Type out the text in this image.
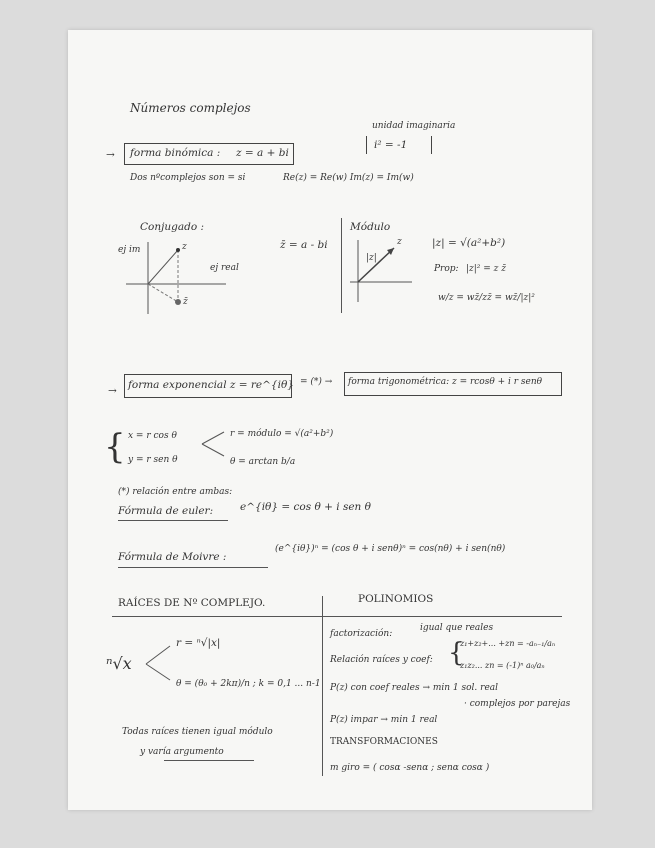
Números complejos
→ forma binómica : z = a + bi
unidad imaginaria
i² = -1
Dos nºcomplejos son = si	Re(z) = Re(w) Im(z) = Im(w)
Conjugado :
ej im
ej real
z
z̄
z̄ = a - bi
Módulo
|z|
z	|z| = √(a²+b²)
Prop: |z|² = z z̄
w/z = wz̄/zz̄ = wz̄/|z|²
→ forma exponencial z = re^{iθ} = (*) → forma trigonométrica: z = rcosθ + i r senθ
{ x = r cos θ
y = r sen θ
r = módulo = √(a²+b²)
θ = arctan b/a
(*) relación entre ambas:
Fórmula de euler:	e^{iθ} = cos θ + i sen θ
Fórmula de Moivre :
(e^{iθ})ⁿ = (cos θ + i senθ)ⁿ = cos(nθ) + i sen(nθ)
RAÍCES DE Nº COMPLEJO.
ⁿ√x
r = ⁿ√|x|
θ = (θ₀ + 2kπ)/n ; k = 0,1 ... n-1
Todas raíces tienen igual módulo
y varía argumento
POLINOMIOS
factorización:
igual que reales
Relación raíces y coef: {
z₁+z₂+... +zn = -aₙ₋₁/aₙ
z₁z₂... zn = (-1)ⁿ a₀/aₙ
P(z) con coef reales → min 1 sol. real
· complejos por parejas
P(z) impar → min 1 real
TRANSFORMACIONES
m giro = ( cosα -senα ; senα cosα )
